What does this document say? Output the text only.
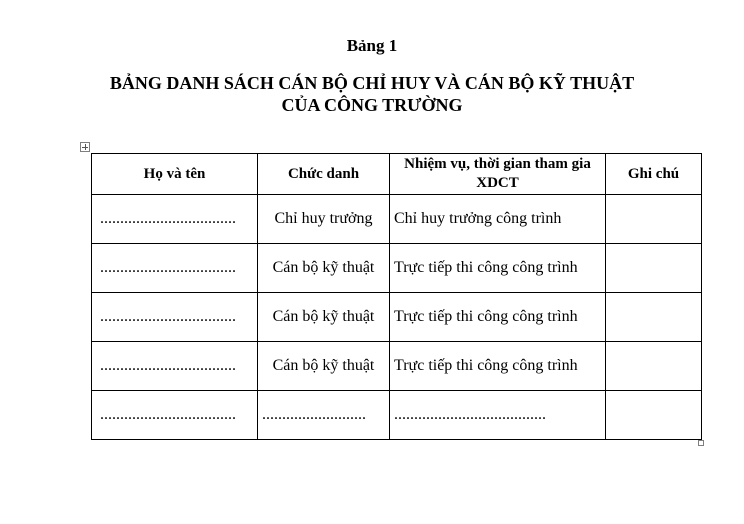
Bảng 1
BẢNG DANH SÁCH CÁN BỘ CHỈ HUY VÀ CÁN BỘ KỸ THUẬT
CỦA CÔNG TRƯỜNG
Họ và tên	Chức danh	Nhiệm vụ, thời gian tham gia XDCT	Ghi chú
..................................	Chỉ huy trưởng	Chỉ huy trưởng công trình	
..................................	Cán bộ kỹ thuật	Trực tiếp thi công công trình	
..................................	Cán bộ kỹ thuật	Trực tiếp thi công công trình	
..................................	Cán bộ kỹ thuật	Trực tiếp thi công công trình	
..................................	..........................	......................................	
